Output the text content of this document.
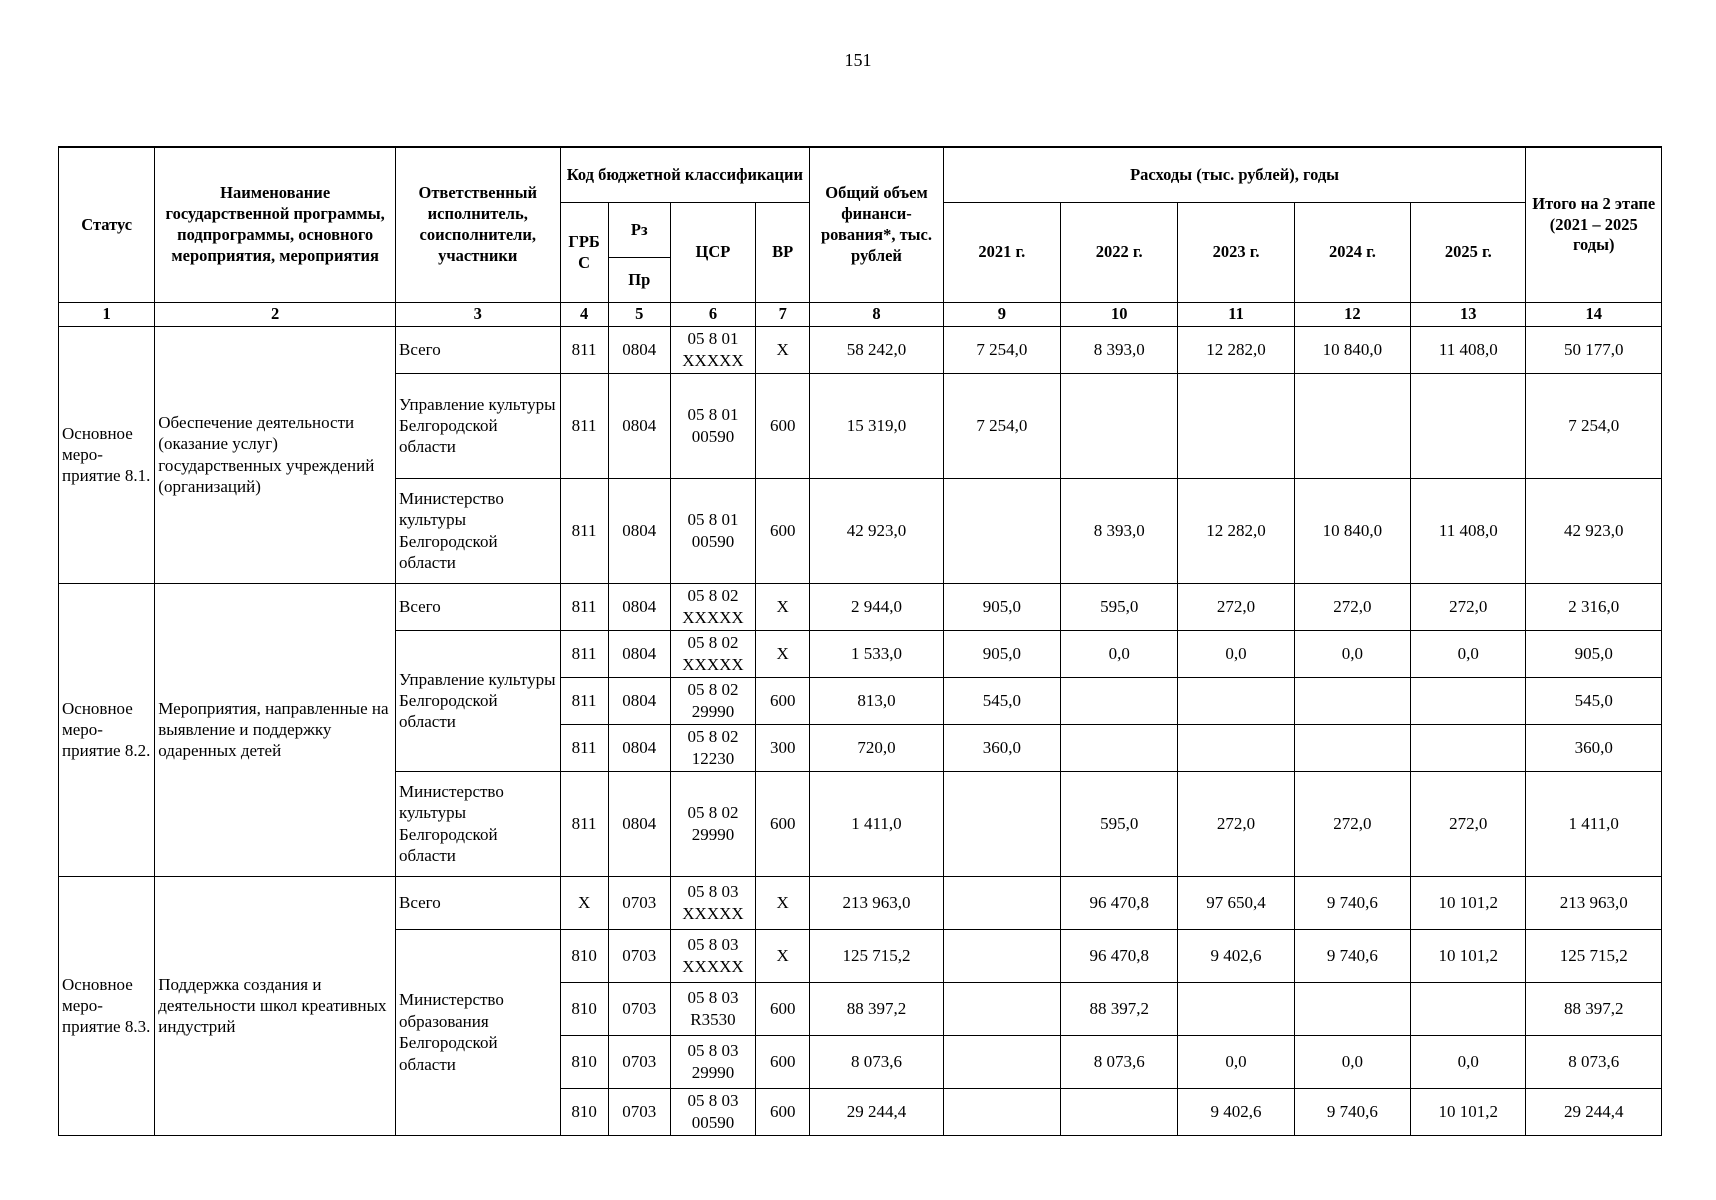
151
Статус	Наименование государственной программы, подпрограммы, основного мероприятия, мероприятия	Ответственный исполнитель, соисполнители, участники	Код бюджетной классификации				Общий объем финанси-рования*, тыс. рублей	Расходы (тыс. рублей), годы					Итого на 2 этапе (2021 – 2025 годы)
			ГРБС	Рз	ЦСР	ВР		2021 г.	2022 г.	2023 г.	2024 г.	2025 г.	
				Пр									
1	2	3	4	5	6	7	8	9	10	11	12	13	14
Основное меро-приятие 8.1.	Обеспечение деятельности (оказание услуг) государственных учреждений (организаций)	Всего	811	0804	05 8 01 XXXXX	X	58 242,0	7 254,0	8 393,0	12 282,0	10 840,0	11 408,0	50 177,0
		Управление культуры Белгородской области	811	0804	05 8 01 00590	600	15 319,0	7 254,0					7 254,0
		Министерство культуры Белгородской области	811	0804	05 8 01 00590	600	42 923,0		8 393,0	12 282,0	10 840,0	11 408,0	42 923,0
Основное меро-приятие 8.2.	Мероприятия, направленные на выявление и поддержку одаренных детей	Всего	811	0804	05 8 02 XXXXX	X	2 944,0	905,0	595,0	272,0	272,0	272,0	2 316,0
		Управление культуры Белгородской области	811	0804	05 8 02 XXXXX	X	1 533,0	905,0	0,0	0,0	0,0	0,0	905,0
			811	0804	05 8 02 29990	600	813,0	545,0					545,0
			811	0804	05 8 02 12230	300	720,0	360,0					360,0
		Министерство культуры Белгородской области	811	0804	05 8 02 29990	600	1 411,0		595,0	272,0	272,0	272,0	1 411,0
Основное меро-приятие 8.3.	Поддержка создания и деятельности школ креативных индустрий	Всего	X	0703	05 8 03 XXXXX	X	213 963,0		96 470,8	97 650,4	9 740,6	10 101,2	213 963,0
		Министерство образования Белгородской области	810	0703	05 8 03 XXXXX	X	125 715,2		96 470,8	9 402,6	9 740,6	10 101,2	125 715,2
			810	0703	05 8 03 R3530	600	88 397,2		88 397,2				88 397,2
			810	0703	05 8 03 29990	600	8 073,6		8 073,6	0,0	0,0	0,0	8 073,6
			810	0703	05 8 03 00590	600	29 244,4			9 402,6	9 740,6	10 101,2	29 244,4
